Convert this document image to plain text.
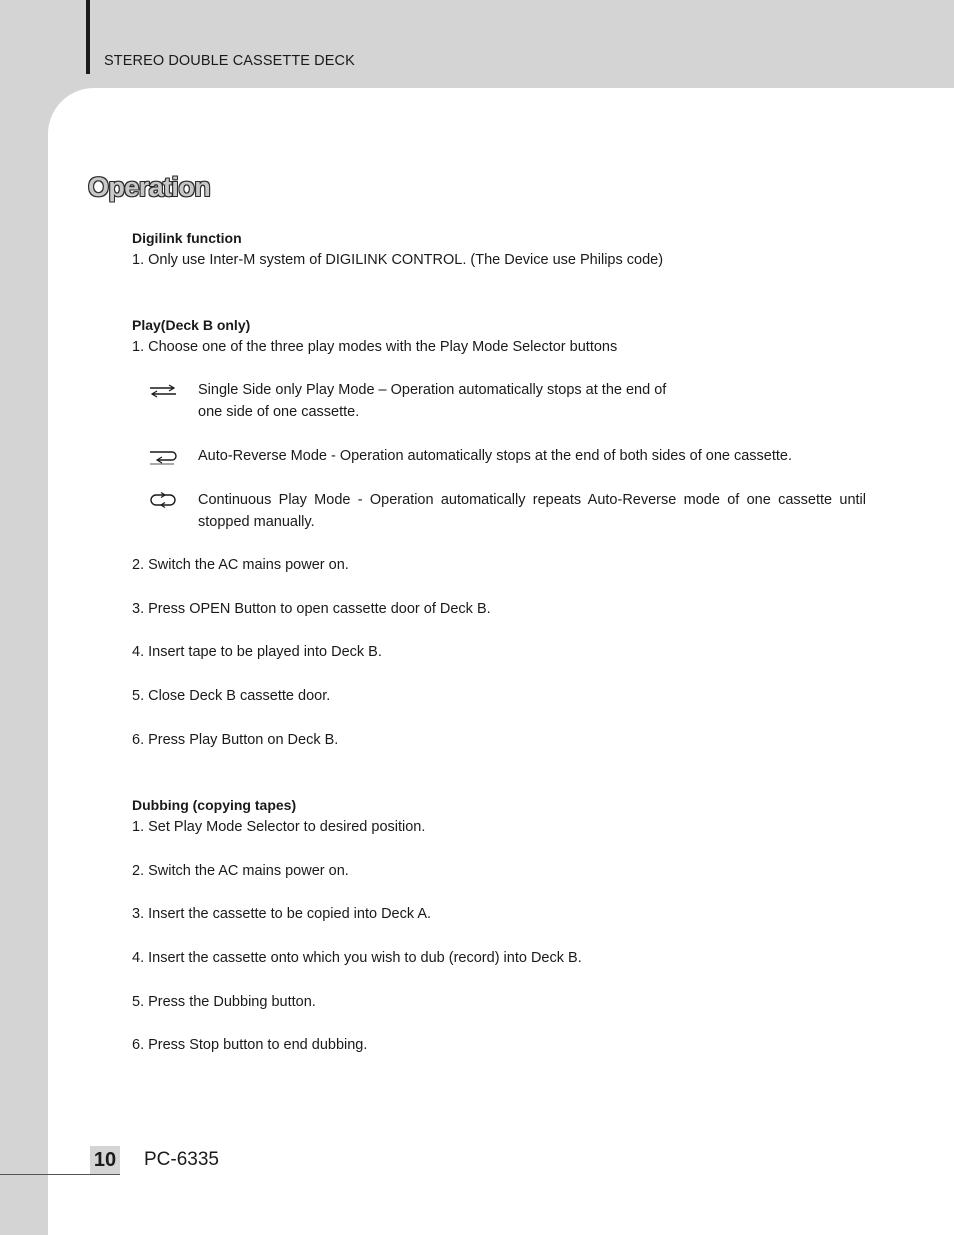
STEREO DOUBLE CASSETTE DECK
Operation
Digilink function
1. Only use Inter-M system of DIGILINK CONTROL. (The Device use Philips code)
Play(Deck B only)
1. Choose one of the three play modes with the Play Mode Selector buttons
Single Side only Play Mode – Operation automatically stops at the end of one side of one cassette.
Auto-Reverse Mode - Operation automatically stops at the end of both sides of one cassette.
Continuous Play Mode - Operation automatically repeats Auto-Reverse mode of one cassette until stopped manually.
2. Switch the AC mains power on.
3. Press OPEN Button to open cassette door of Deck B.
4. Insert tape to be played into Deck B.
5. Close Deck B cassette door.
6. Press Play Button on Deck B.
Dubbing (copying tapes)
1. Set Play Mode Selector to desired position.
2. Switch the AC mains power on.
3. Insert the cassette to be copied into Deck A.
4. Insert the cassette onto which you wish to dub (record) into Deck B.
5. Press the Dubbing button.
6. Press Stop button to end dubbing.
10 PC-6335
